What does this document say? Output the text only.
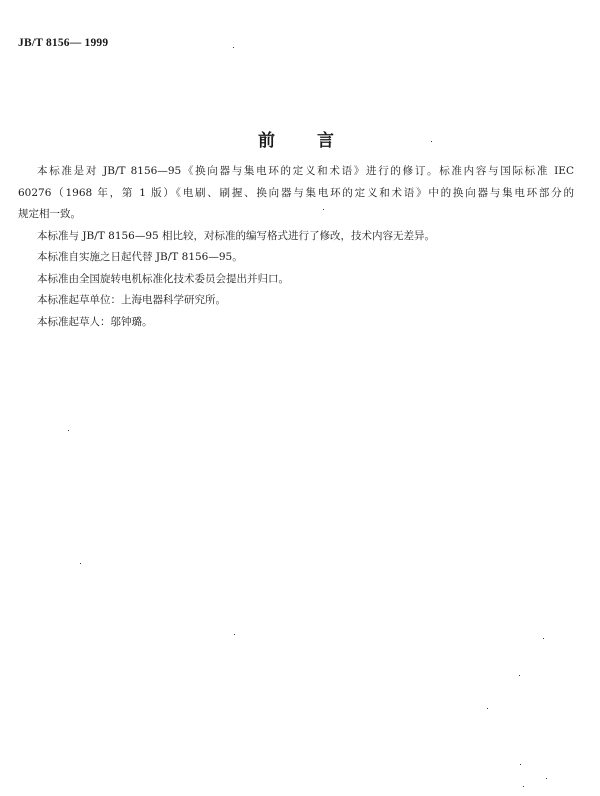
JB/T 8156— 1999
前 言

本标准是对 JB/T 8156—95《换向器与集电环的定义和术语》进行的修订。标准内容与国际标准 IEC

60276（1968 年，第 1 版）《电刷、刷握、换向器与集电环的定义和术语》中的换向器与集电环部分的

规定相一致。

本标准与 JB/T 8156—95 相比较，对标准的编写格式进行了修改，技术内容无差异。

本标准自实施之日起代替 JB/T 8156—95。

本标准由全国旋转电机标准化技术委员会提出并归口。

本标准起草单位：上海电器科学研究所。

本标准起草人：邬钟璐。
